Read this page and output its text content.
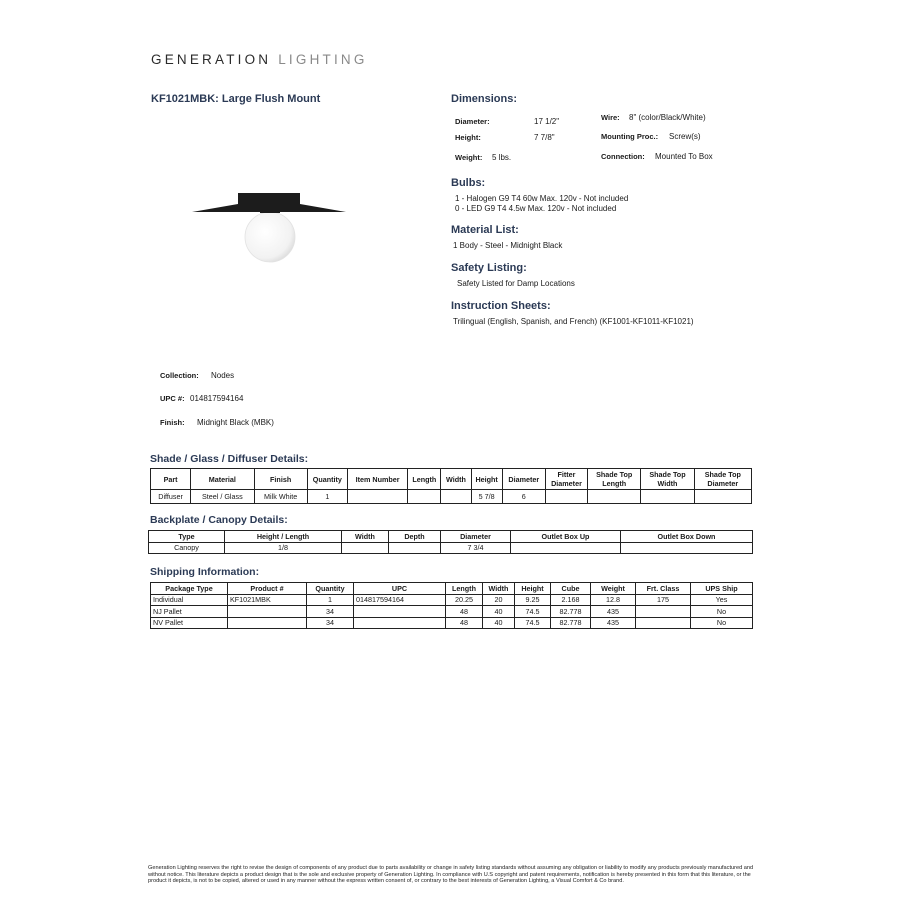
GENERATION LIGHTING
KF1021MBK: Large Flush Mount	Dimensions:
Diameter:	17 1/2"
Height:	7 7/8"
Weight: 5 lbs.
Wire: 8" (color/Black/White)
Mounting Proc.: Screw(s)
Connection: Mounted To Box
Bulbs:
1 - Halogen G9 T4 60w Max. 120v - Not included
0 - LED G9 T4 4.5w Max. 120v - Not included
Material List:
1 Body - Steel - Midnight Black
Safety Listing:
Safety Listed for Damp Locations
Instruction Sheets:
Trilingual (English, Spanish, and French) (KF1001-KF1011-KF1021)
Collection: Nodes
UPC #: 014817594164
Finish: Midnight Black (MBK)
Shade / Glass / Diffuser Details:
Part	Material	Finish	Quantity	Item Number	Length	Width	Height	Diameter	Fitter Diameter	Shade Top Length	Shade Top Width	Shade Top Diameter
Diffuser	Steel / Glass	Milk White	1				5 7/8	6				
Backplate / Canopy Details:
Type	Height / Length	Width	Depth	Diameter	Outlet Box Up	Outlet Box Down
Canopy	1/8			7 3/4		
Shipping Information:
Package Type	Product #	Quantity	UPC	Length	Width	Height	Cube	Weight	Frt. Class	UPS Ship
Individual	KF1021MBK	1	014817594164	20.25	20	9.25	2.168	12.8	175	Yes
NJ Pallet		34		48	40	74.5	82.778	435		No
NV Pallet		34		48	40	74.5	82.778	435		No
Generation Lighting reserves the right to revise the design of components of any product due to parts availability or change in safety listing standards without assuming any obligation or liability to modify any products previously manufactured and without notice. This literature depicts a product design that is the sole and exclusive property of Generation Lighting. In compliance with U.S copyright and patent requirements, notification is hereby presented in this form that this literature, or the product it depicts, is not to be copied, altered or used in any manner without the express written consent of, or contrary to the best interests of Generation Lighting, a Visual Comfort & Co brand.
